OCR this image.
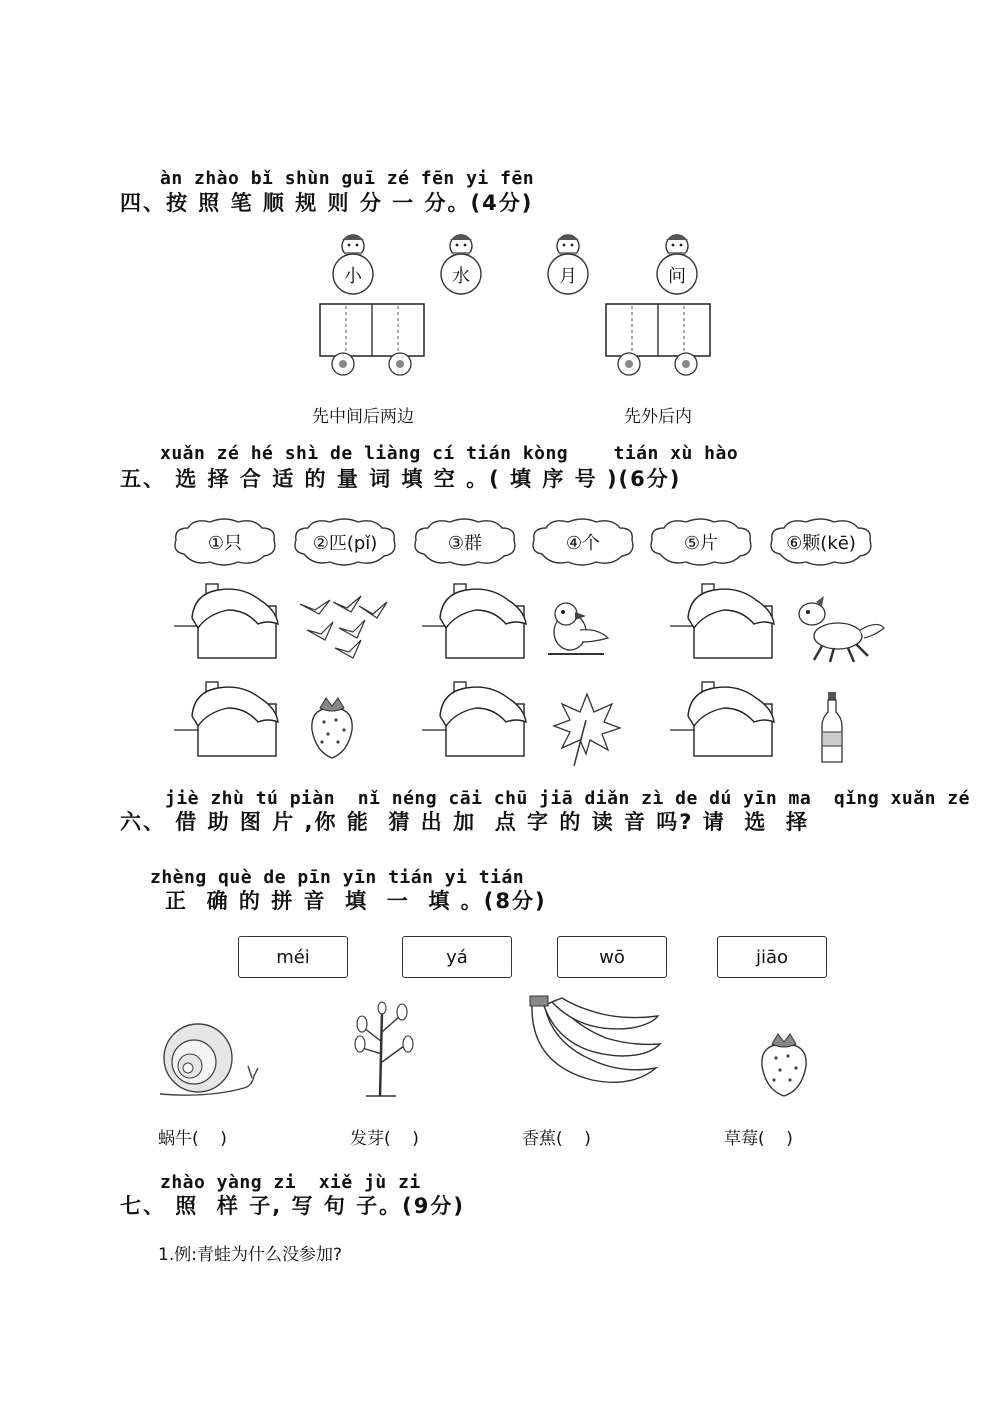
àn zhào bǐ shùn guī zé fēn yi fēn
四、按 照 笔 顺 规 则 分 一 分。(4分)
小	水	月	问
先中间后两边	先外后内
xuǎn zé hé shì de liàng cí tián kòng    tián xù hào
五、 选 择 合 适 的 量 词 填 空 。( 填 序 号 )(6分)
①只	②匹(pǐ)	③群	④个	⑤片	⑥颗(kē)
jiè zhù tú piàn  nǐ néng cāi chū jiā diǎn zì de dú yīn ma  qǐng xuǎn zé
六、 借 助 图 片 ,你 能  猜 出 加  点 字 的 读 音 吗? 请  选  择
zhèng què de pīn yīn tián yi tián
正  确 的 拼 音  填  一  填 。(8分)
méi	yá	wō	jiāo
蜗牛(    )	发芽(    )	香蕉(    )	草莓(    )
zhào yàng zi  xiě jù zi
七、 照  样 子, 写 句 子。(9分)
1.例:青蛙为什么没参加?
